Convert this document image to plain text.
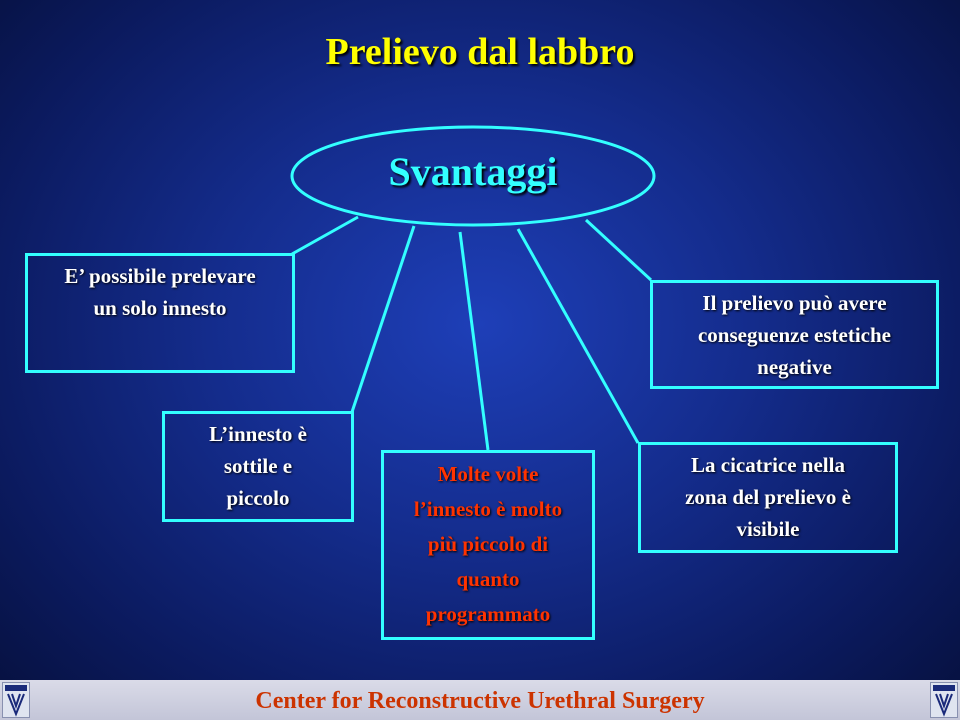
Prelievo dal labbro
Svantaggi
E’ possibile prelevare
un solo innesto
L’innesto è
sottile e
piccolo
Molte volte
l’innesto è molto
più piccolo di
quanto
programmato
La cicatrice nella
zona del prelievo è
visibile
Il prelievo può avere
conseguenze estetiche
negative
Center for Reconstructive Urethral Surgery
